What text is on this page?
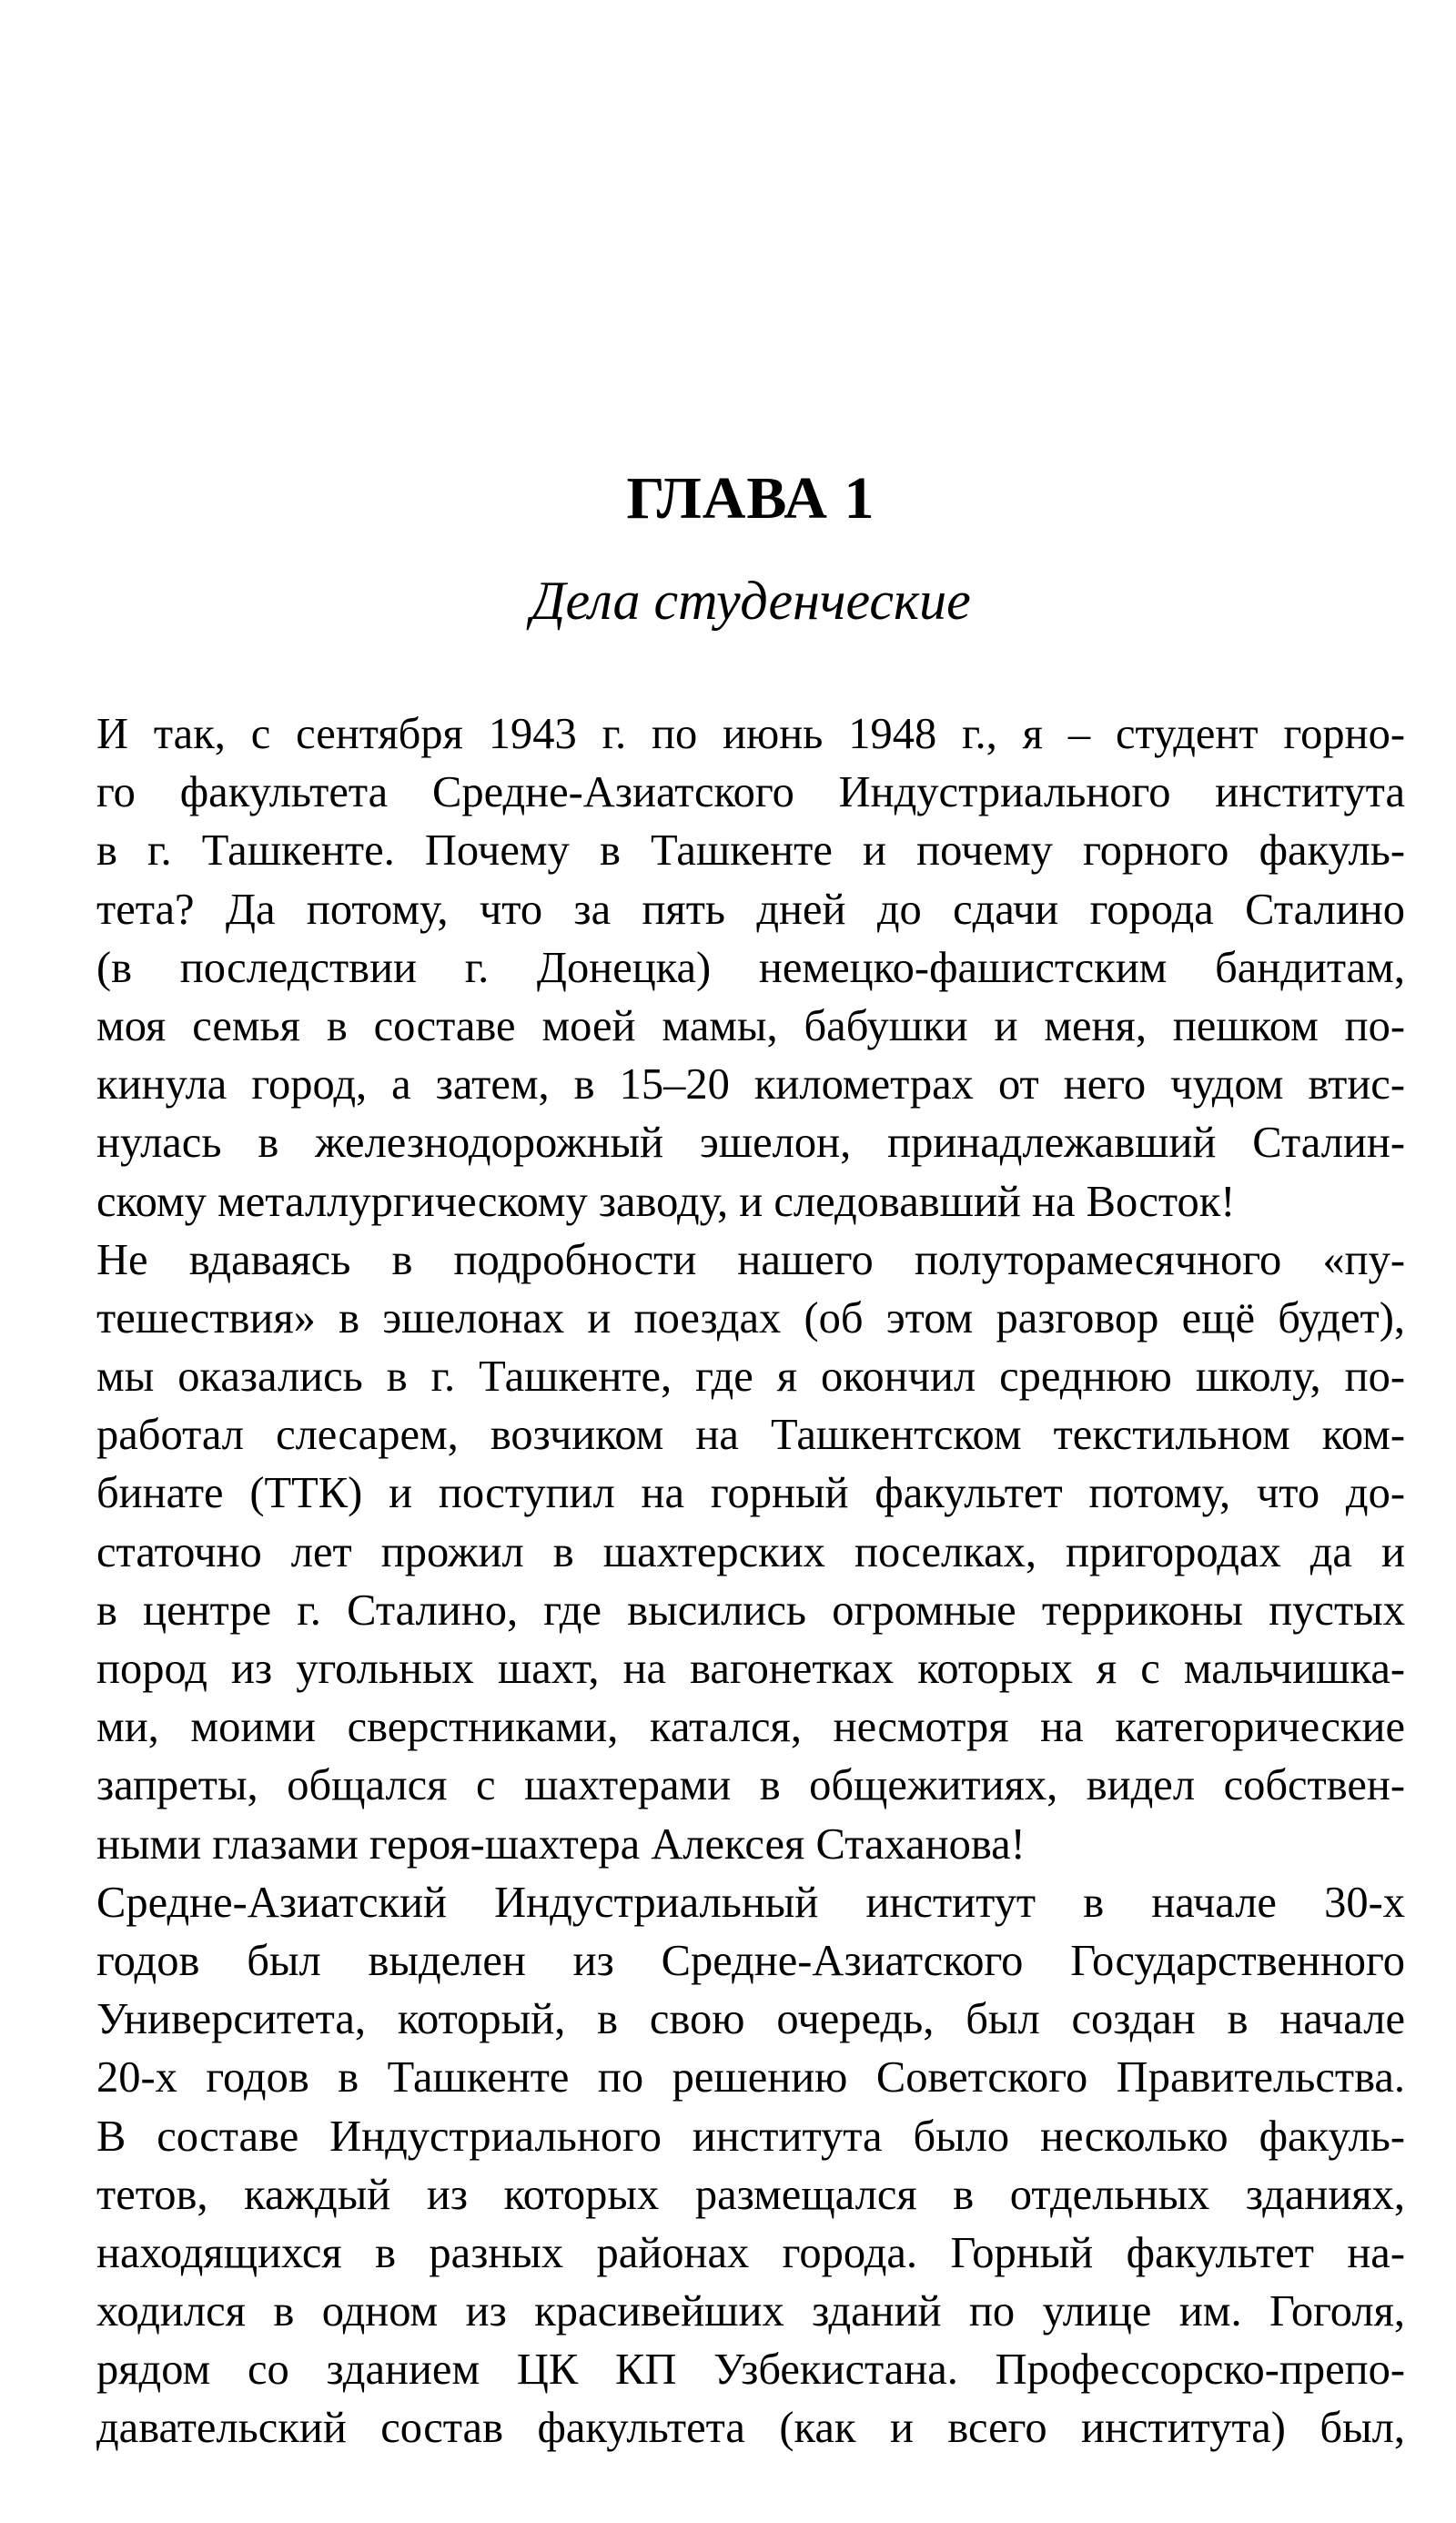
ГЛАВА 1
Дела студенческие
И так, с сентября 1943 г. по июнь 1948 г., я – студент горно-
го факультета Средне-Азиатского Индустриального института
в г. Ташкенте. Почему в Ташкенте и почему горного факуль-
тета? Да потому, что за пять дней до сдачи города Сталино
(в последствии г. Донецка) немецко-фашистским бандитам,
моя семья в составе моей мамы, бабушки и меня, пешком по-
кинула город, а затем, в 15–20 километрах от него чудом втис-
нулась в железнодорожный эшелон, принадлежавший Сталин-
скому металлургическому заводу, и следовавший на Восток!
Не вдаваясь в подробности нашего полуторамесячного «пу-
тешествия» в эшелонах и поездах (об этом разговор ещё будет),
мы оказались в г. Ташкенте, где я окончил среднюю школу, по-
работал слесарем, возчиком на Ташкентском текстильном ком-
бинате (ТТК) и поступил на горный факультет потому, что до-
статочно лет прожил в шахтерских поселках, пригородах да и
в центре г. Сталино, где высились огромные терриконы пустых
пород из угольных шахт, на вагонетках которых я с мальчишка-
ми, моими сверстниками, катался, несмотря на категорические
запреты, общался с шахтерами в общежитиях, видел собствен-
ными глазами героя-шахтера Алексея Стаханова!
Средне-Азиатский Индустриальный институт в начале 30-х
годов был выделен из Средне-Азиатского Государственного
Университета, который, в свою очередь, был создан в начале
20-х годов в Ташкенте по решению Советского Правительства.
В составе Индустриального института было несколько факуль-
тетов, каждый из которых размещался в отдельных зданиях,
находящихся в разных районах города. Горный факультет на-
ходился в одном из красивейших зданий по улице им. Гоголя,
рядом со зданием ЦК КП Узбекистана. Профессорско-препо-
давательский состав факультета (как и всего института) был,
